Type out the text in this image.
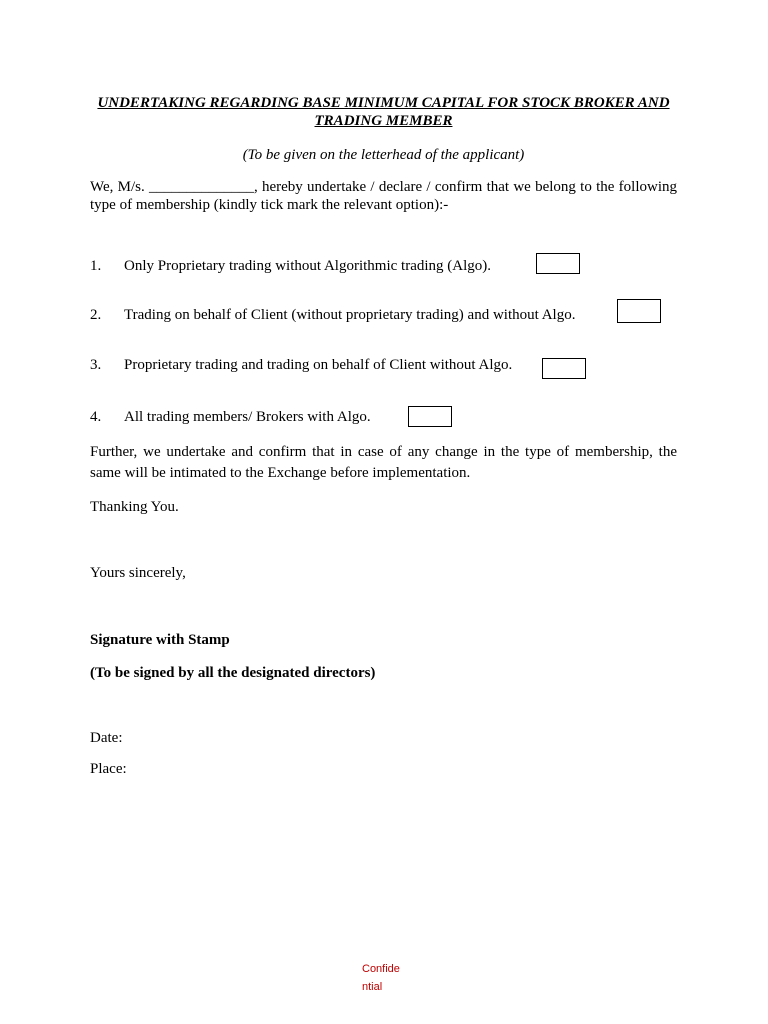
UNDERTAKING REGARDING BASE MINIMUM CAPITAL FOR STOCK BROKER AND
TRADING MEMBER
(To be given on the letterhead of the applicant)
We, M/s. ______________, hereby undertake / declare / confirm that we belong to the following type of membership (kindly tick mark the relevant option):-
1. Only Proprietary trading without Algorithmic trading (Algo).
2. Trading on behalf of Client (without proprietary trading) and without Algo.
3. Proprietary trading and trading on behalf of Client without Algo.
4. All trading members/ Brokers with Algo.
Further, we undertake and confirm that in case of any change in the type of membership, the same will be intimated to the Exchange before implementation.
Thanking You.
Yours sincerely,
Signature with Stamp
(To be signed by all the designated directors)
Date:
Place:
Confide
ntial
